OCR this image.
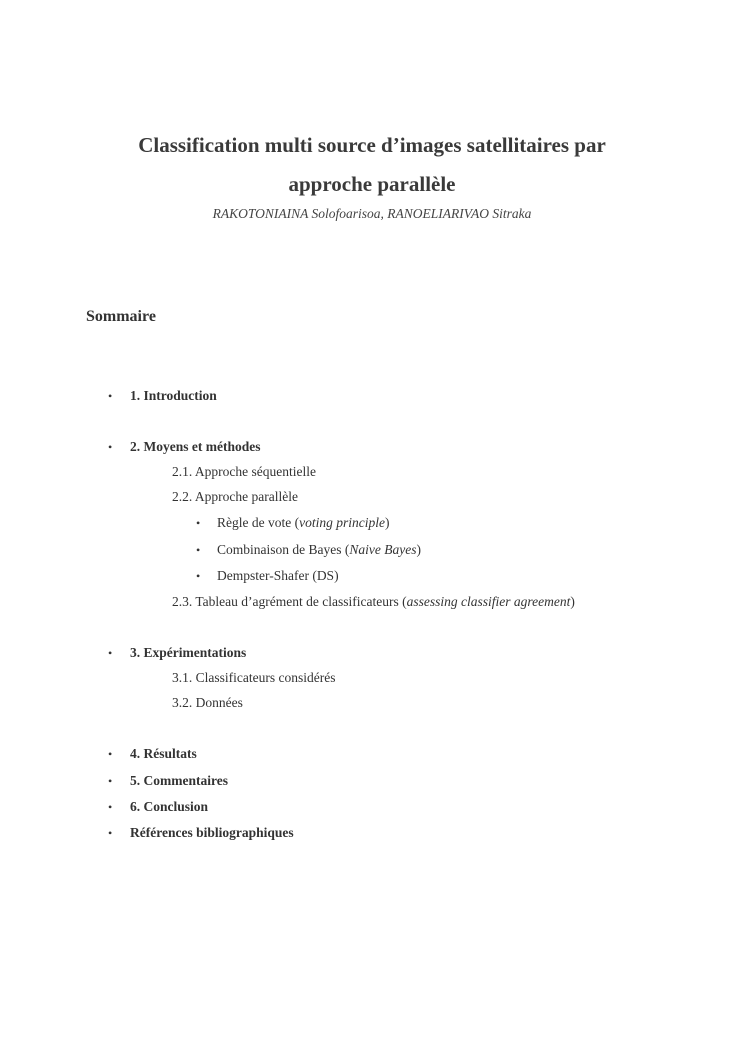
Classification multi source d’images satellitaires par
approche parallèle
RAKOTONIAINA Solofoarisoa, RANOELIARIVAO Sitraka
Sommaire
• 1. Introduction
• 2. Moyens et méthodes
2.1. Approche séquentielle
2.2. Approche parallèle
• Règle de vote (voting principle)
• Combinaison de Bayes (Naive Bayes)
• Dempster-Shafer (DS)
2.3. Tableau d’agrément de classificateurs (assessing classifier agreement)
• 3. Expérimentations
3.1. Classificateurs considérés
3.2. Données
• 4. Résultats
• 5. Commentaires
• 6. Conclusion
• Références bibliographiques
